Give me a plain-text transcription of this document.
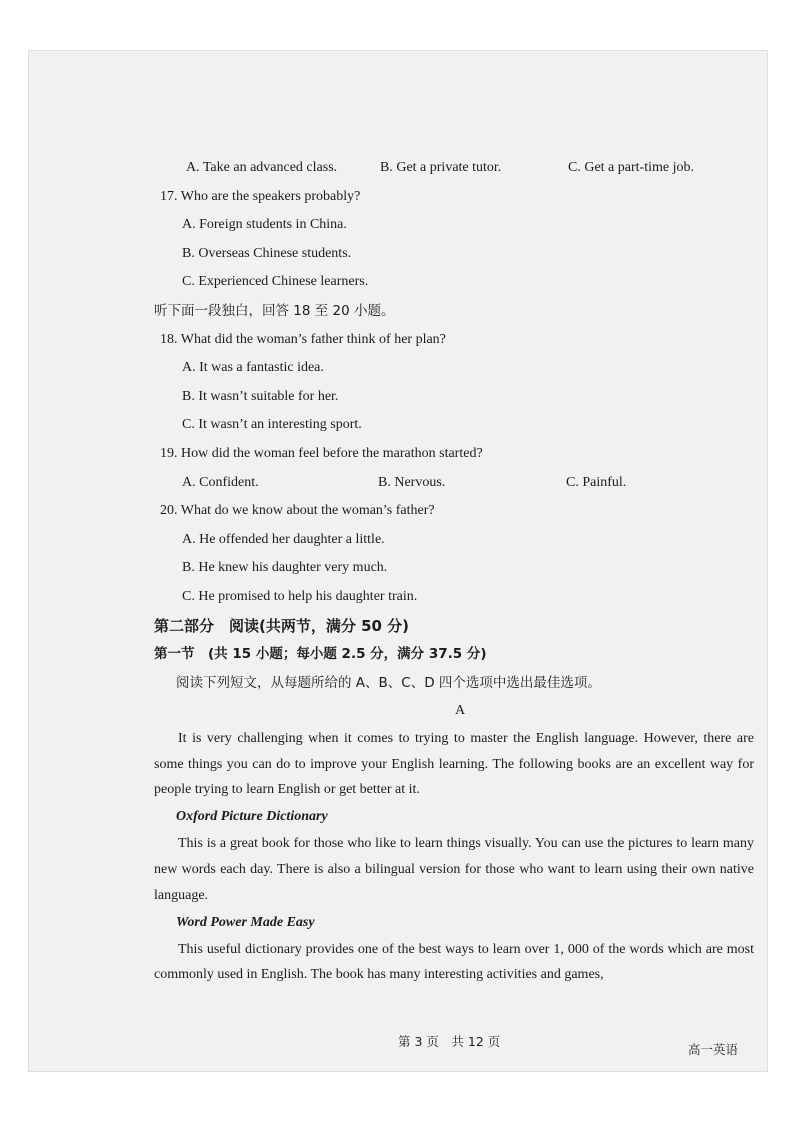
A. Take an advanced class.	B. Get a private tutor.	C. Get a part-time job.
17. Who are the speakers probably?
A. Foreign students in China.
B. Overseas Chinese students.
C. Experienced Chinese learners.
听下面一段独白，回答 18 至 20 小题。
18. What did the woman’s father think of her plan?
A. It was a fantastic idea.
B. It wasn’t suitable for her.
C. It wasn’t an interesting sport.
19. How did the woman feel before the marathon started?
A. Confident.	B. Nervous.	C. Painful.
20. What do we know about the woman’s father?
A. He offended her daughter a little.
B. He knew his daughter very much.
C. He promised to help his daughter train.
第二部分　阅读(共两节，满分 50 分)
第一节　(共 15 小题；每小题 2.5 分，满分 37.5 分)
阅读下列短文，从每题所给的 A、B、C、D 四个选项中选出最佳选项。
A

It is very challenging when it comes to trying to master the English language. However, there are some things you can do to improve your English learning. The following books are an excellent way for people trying to learn English or get better at it.

Oxford Picture Dictionary

This is a great book for those who like to learn things visually. You can use the pictures to learn many new words each day. There is also a bilingual version for those who want to learn using their own native language.

Word Power Made Easy

This useful dictionary provides one of the best ways to learn over 1, 000 of the words which are most commonly used in English. The book has many interesting activities and games,

第 3 页　共 12 页
高一英语
